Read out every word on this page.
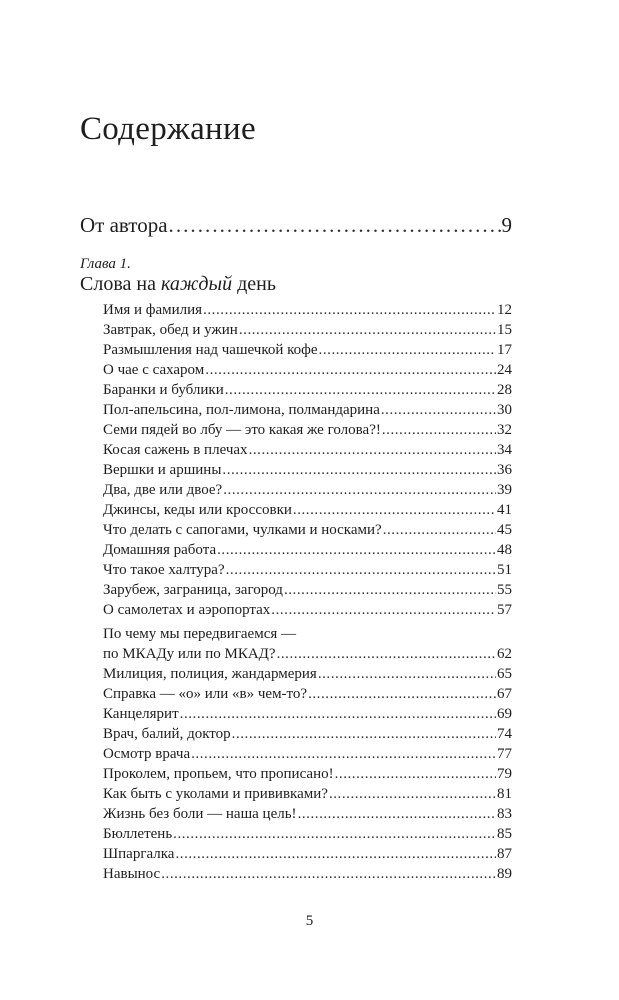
Содержание
От автора . . .	9
Глава 1.
Слова на каждый день
Имя и фамилия . . .	12
Завтрак, обед и ужин . . .	15
Размышления над чашечкой кофе . . .	17
О чае с сахаром . . .	24
Баранки и бублики . . .	28
Пол-апельсина, пол-лимона, полмандарина . . .	30
Семи пядей во лбу — это какая же голова?! . . .	32
Косая сажень в плечах . . .	34
Вершки и аршины . . .	36
Два, две или двое? . . .	39
Джинсы, кеды или кроссовки . . .	41
Что делать с сапогами, чулками и носками? . . .	45
Домашняя работа . . .	48
Что такое халтура? . . .	51
Зарубеж, заграница, загород . . .	55
О самолетах и аэропортах . . .	57
По чему мы передвигаемся —
по МКАДу или по МКАД? . . .	62
Милиция, полиция, жандармерия . . .	65
Справка — «о» или «в» чем-то? . . .	67
Канцелярит . . .	69
Врач, балий, доктор . . .	74
Осмотр врача . . .	77
Проколем, пропьем, что прописано! . . .	79
Как быть с уколами и прививками? . . .	81
Жизнь без боли — наша цель! . . .	83
Бюллетень . . .	85
Шпаргалка . . .	87
Навынос . . .	89
5
